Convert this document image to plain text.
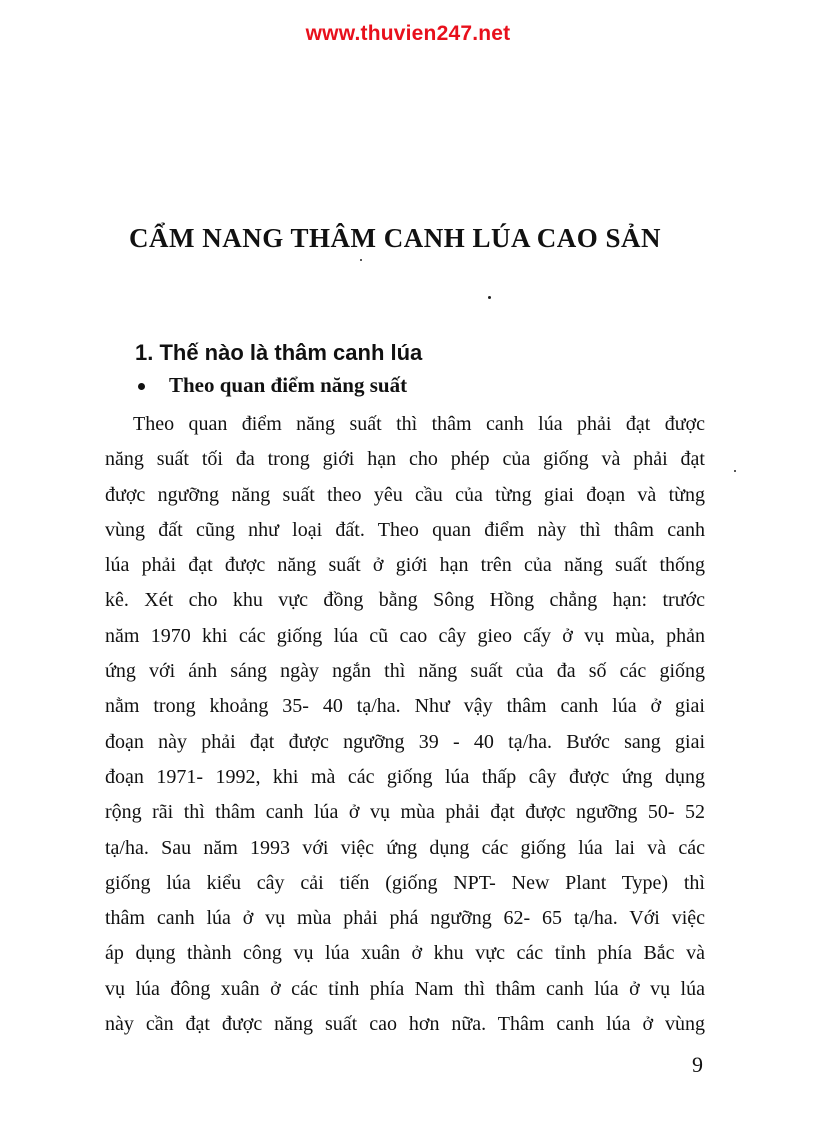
www.thuvien247.net
CẨM NANG THÂM CANH LÚA CAO SẢN
1. Thế nào là thâm canh lúa
Theo quan điểm năng suất
Theo quan điểm năng suất thì thâm canh lúa phải đạt được
năng suất tối đa trong giới hạn cho phép của giống và phải đạt
được ngưỡng năng suất theo yêu cầu của từng giai đoạn và từng
vùng đất cũng như loại đất. Theo quan điểm này thì thâm canh
lúa phải đạt được năng suất ở giới hạn trên của năng suất thống
kê. Xét cho khu vực đồng bằng Sông Hồng chẳng hạn: trước
năm 1970 khi các giống lúa cũ cao cây gieo cấy ở vụ mùa, phản
ứng với ánh sáng ngày ngắn thì năng suất của đa số các giống
nằm trong khoảng 35- 40 tạ/ha. Như vậy thâm canh lúa ở giai
đoạn này phải đạt được ngưỡng 39 - 40 tạ/ha. Bước sang giai
đoạn 1971- 1992, khi mà các giống lúa thấp cây được ứng dụng
rộng rãi thì thâm canh lúa ở vụ mùa phải đạt được ngưỡng 50- 52
tạ/ha. Sau năm 1993 với việc ứng dụng các giống lúa lai và các
giống lúa kiểu cây cải tiến (giống NPT- New Plant Type) thì
thâm canh lúa ở vụ mùa phải phá ngưỡng 62- 65 tạ/ha. Với việc
áp dụng thành công vụ lúa xuân ở khu vực các tỉnh phía Bắc và
vụ lúa đông xuân ở các tỉnh phía Nam thì thâm canh lúa ở vụ lúa
này cần đạt được năng suất cao hơn nữa. Thâm canh lúa ở vùng
9
